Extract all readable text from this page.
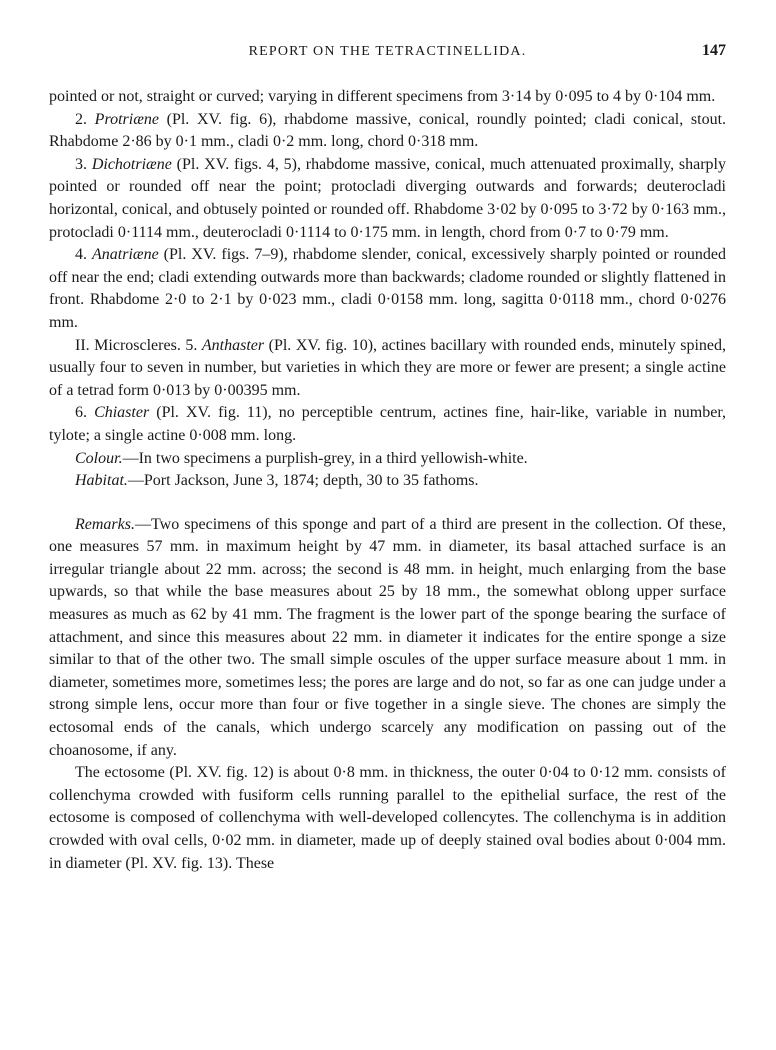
REPORT ON THE TETRACTINELLIDA.	147

pointed or not, straight or curved; varying in different specimens from 3·14 by 0·095 to 4 by 0·104 mm.

2. Protriæne (Pl. XV. fig. 6), rhabdome massive, conical, roundly pointed; cladi conical, stout. Rhabdome 2·86 by 0·1 mm., cladi 0·2 mm. long, chord 0·318 mm.

3. Dichotriæne (Pl. XV. figs. 4, 5), rhabdome massive, conical, much attenuated proximally, sharply pointed or rounded off near the point; protocladi diverging outwards and forwards; deuterocladi horizontal, conical, and obtusely pointed or rounded off. Rhabdome 3·02 by 0·095 to 3·72 by 0·163 mm., protocladi 0·1114 mm., deuterocladi 0·1114 to 0·175 mm. in length, chord from 0·7 to 0·79 mm.

4. Anatriæne (Pl. XV. figs. 7–9), rhabdome slender, conical, excessively sharply pointed or rounded off near the end; cladi extending outwards more than backwards; cladome rounded or slightly flattened in front. Rhabdome 2·0 to 2·1 by 0·023 mm., cladi 0·0158 mm. long, sagitta 0·0118 mm., chord 0·0276 mm.

II. Microscleres. 5. Anthaster (Pl. XV. fig. 10), actines bacillary with rounded ends, minutely spined, usually four to seven in number, but varieties in which they are more or fewer are present; a single actine of a tetrad form 0·013 by 0·00395 mm.

6. Chiaster (Pl. XV. fig. 11), no perceptible centrum, actines fine, hair-like, variable in number, tylote; a single actine 0·008 mm. long.

Colour.—In two specimens a purplish-grey, in a third yellowish-white.

Habitat.—Port Jackson, June 3, 1874; depth, 30 to 35 fathoms.

Remarks.—Two specimens of this sponge and part of a third are present in the collection. Of these, one measures 57 mm. in maximum height by 47 mm. in diameter, its basal attached surface is an irregular triangle about 22 mm. across; the second is 48 mm. in height, much enlarging from the base upwards, so that while the base measures about 25 by 18 mm., the somewhat oblong upper surface measures as much as 62 by 41 mm. The fragment is the lower part of the sponge bearing the surface of attachment, and since this measures about 22 mm. in diameter it indicates for the entire sponge a size similar to that of the other two. The small simple oscules of the upper surface measure about 1 mm. in diameter, sometimes more, sometimes less; the pores are large and do not, so far as one can judge under a strong simple lens, occur more than four or five together in a single sieve. The chones are simply the ectosomal ends of the canals, which undergo scarcely any modification on passing out of the choanosome, if any.

The ectosome (Pl. XV. fig. 12) is about 0·8 mm. in thickness, the outer 0·04 to 0·12 mm. consists of collenchyma crowded with fusiform cells running parallel to the epithelial surface, the rest of the ectosome is composed of collenchyma with well-developed collencytes. The collenchyma is in addition crowded with oval cells, 0·02 mm. in diameter, made up of deeply stained oval bodies about 0·004 mm. in diameter (Pl. XV. fig. 13). These
